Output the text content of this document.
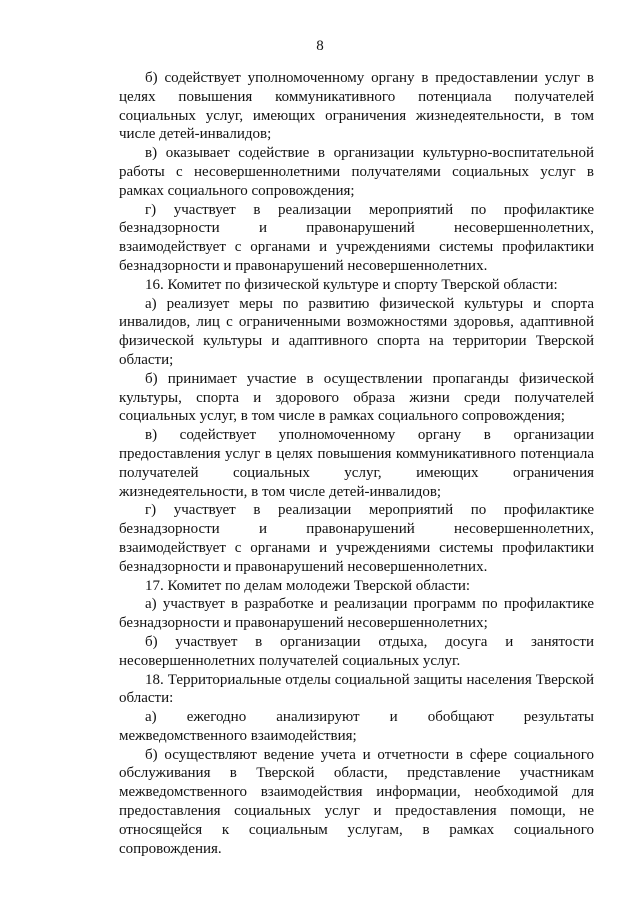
8

б) содействует уполномоченному органу в предоставлении услуг в целях повышения коммуникативного потенциала получателей социальных услуг, имеющих ограничения жизнедеятельности, в том числе детей-инвалидов;

в) оказывает содействие в организации культурно-воспитательной работы с несовершеннолетними получателями социальных услуг в рамках социального сопровождения;

г) участвует в реализации мероприятий по профилактике безнадзорности и правонарушений несовершеннолетних, взаимодействует с органами и учреждениями системы профилактики безнадзорности и правонарушений несовершеннолетних.

16. Комитет по физической культуре и спорту Тверской области:

а) реализует меры по развитию физической культуры и спорта инвалидов, лиц с ограниченными возможностями здоровья, адаптивной физической культуры и адаптивного спорта на территории Тверской области;

б) принимает участие в осуществлении пропаганды физической культуры, спорта и здорового образа жизни среди получателей социальных услуг, в том числе в рамках социального сопровождения;

в) содействует уполномоченному органу в организации предоставления услуг в целях повышения коммуникативного потенциала получателей социальных услуг, имеющих ограничения жизнедеятельности, в том числе детей-инвалидов;

г) участвует в реализации мероприятий по профилактике безнадзорности и правонарушений несовершеннолетних, взаимодействует с органами и учреждениями системы профилактики безнадзорности и правонарушений несовершеннолетних.

17. Комитет по делам молодежи Тверской области:

а) участвует в разработке и реализации программ по профилактике безнадзорности и правонарушений несовершеннолетних;

б) участвует в организации отдыха, досуга и занятости несовершеннолетних получателей социальных услуг.

18. Территориальные отделы социальной защиты населения Тверской области:

а) ежегодно анализируют и обобщают результаты межведомственного взаимодействия;

б) осуществляют ведение учета и отчетности в сфере социального обслуживания в Тверской области, представление участникам межведомственного взаимодействия информации, необходимой для предоставления социальных услуг и предоставления помощи, не относящейся к социальным услугам, в рамках социального сопровождения.
